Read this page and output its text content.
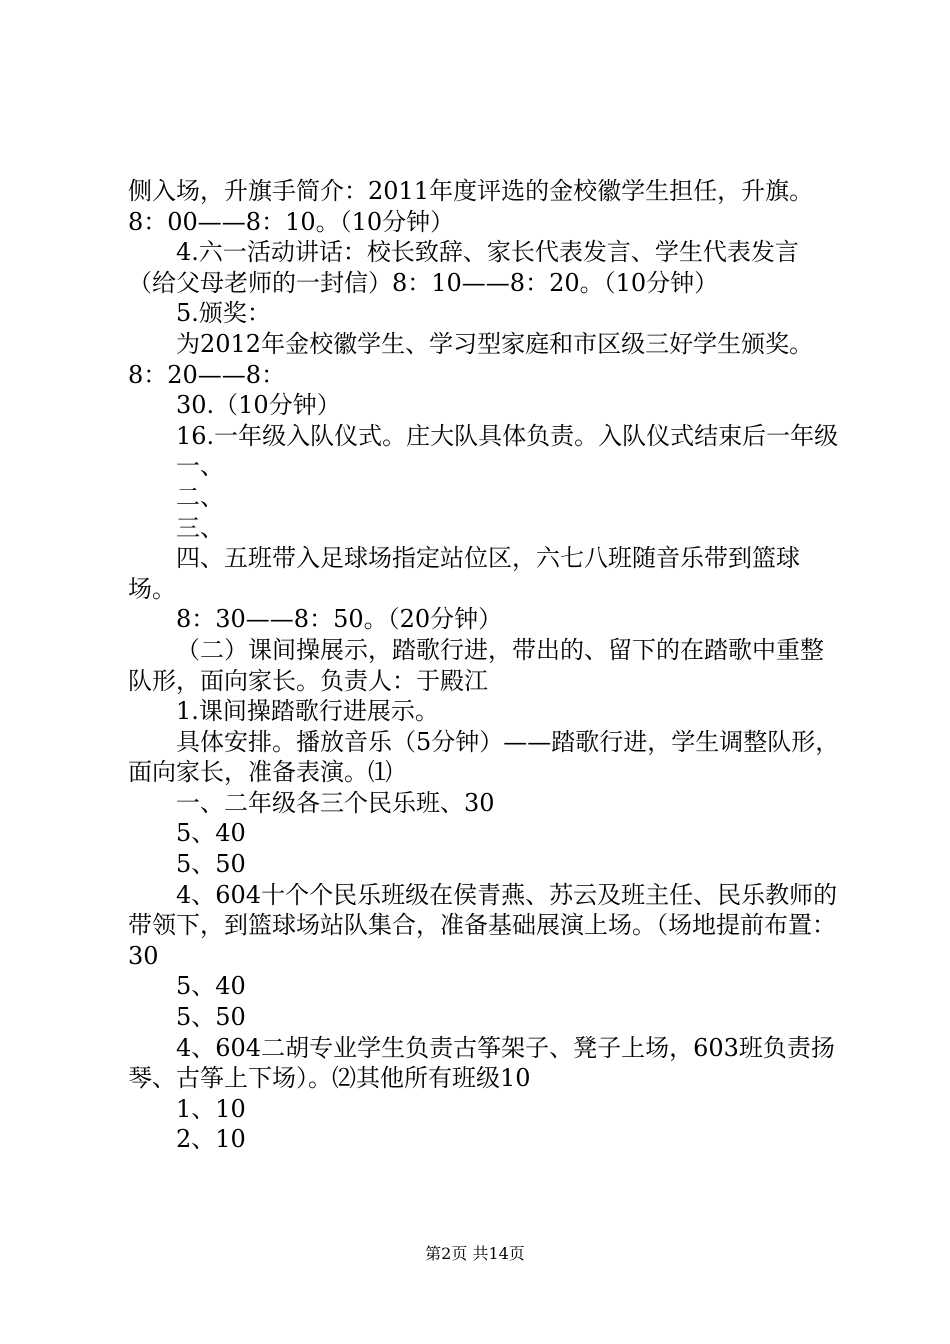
侧入场，升旗手简介：2011年度评选的金校徽学生担任，升旗。8：00——8：10。（10分钟）

4.六一活动讲话：校长致辞、家长代表发言、学生代表发言（给父母老师的一封信）8：10——8：20。（10分钟）

5.颁奖：

为2012年金校徽学生、学习型家庭和市区级三好学生颁奖。8：20——8：

30.（10分钟）

16.一年级入队仪式。庄大队具体负责。入队仪式结束后一年级

一、

二、

三、

四、五班带入足球场指定站位区，六七八班随音乐带到篮球场。

8：30——8：50。（20分钟）

（二）课间操展示，踏歌行进，带出的、留下的在踏歌中重整队形，面向家长。负责人：于殿江

1.课间操踏歌行进展示。

具体安排。播放音乐（5分钟）——踏歌行进，学生调整队形，面向家长，准备表演。⑴

一、二年级各三个民乐班、30

5、40

5、50

4、604十个个民乐班级在侯青燕、苏云及班主任、民乐教师的带领下，到篮球场站队集合，准备基础展演上场。（场地提前布置：30

5、40

5、50

4、604二胡专业学生负责古筝架子、凳子上场，603班负责扬琴、古筝上下场）。⑵其他所有班级10

1、10

2、10

第2页 共14页
